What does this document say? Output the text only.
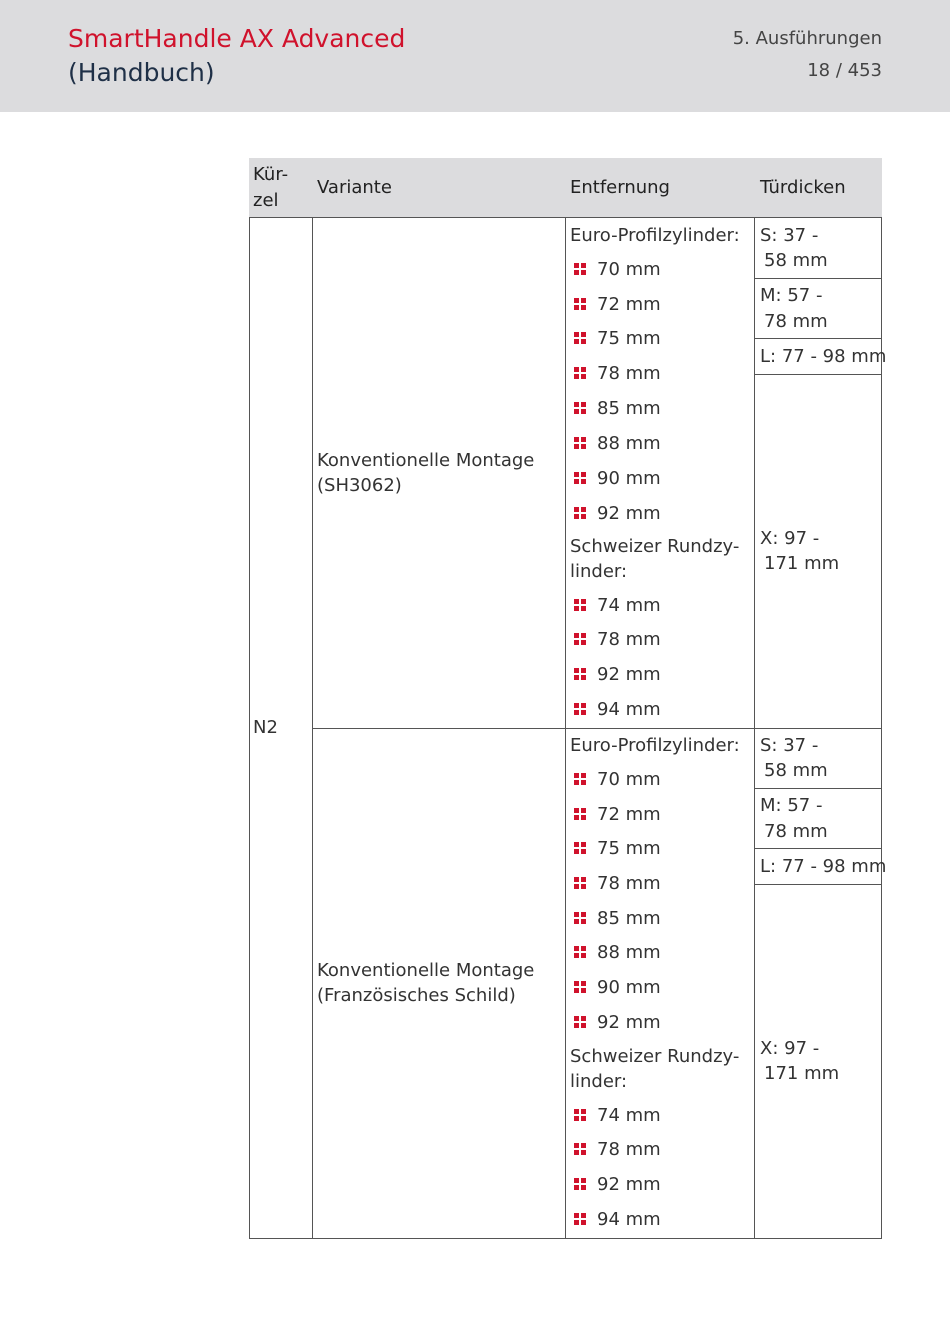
SmartHandle AX Advanced
(Handbuch)
5. Ausführungen
18 / 453
Kür-
zel
Variante	Entfernung	Türdicken
N2
Konventionelle Montage
(SH3062)
Euro-Profilzylinder:
70 mm
72 mm
75 mm
78 mm
85 mm
88 mm
90 mm
92 mm
Schweizer Rundzy-
linder:
74 mm
78 mm
92 mm
94 mm
S: 37 -
58 mm
M: 57 -
78 mm
L: 77 - 98 mm
X: 97 -
171 mm
Konventionelle Montage
(Französisches Schild)
Euro-Profilzylinder:
70 mm
72 mm
75 mm
78 mm
85 mm
88 mm
90 mm
92 mm
Schweizer Rundzy-
linder:
74 mm
78 mm
92 mm
94 mm
S: 37 -
58 mm
M: 57 -
78 mm
L: 77 - 98 mm
X: 97 -
171 mm
